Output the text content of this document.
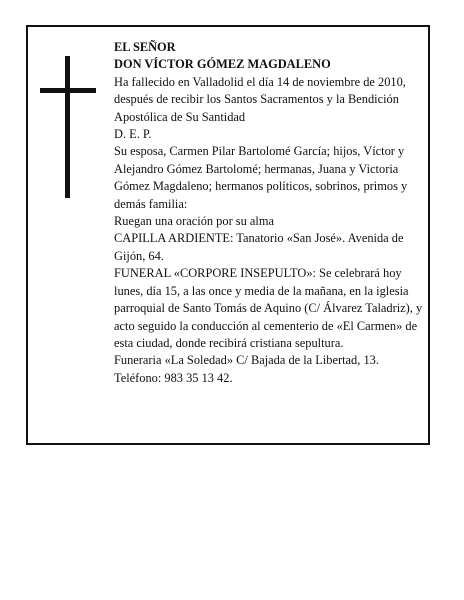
EL SEÑOR

DON VÍCTOR GÓMEZ MAGDALENO

Ha fallecido en Valladolid el día 14 de noviembre de 2010, después de recibir los Santos Sacramentos y la Bendición Apostólica de Su Santidad

D. E. P.

Su esposa, Carmen Pilar Bartolomé García; hijos, Víctor y Alejandro Gómez Bartolomé; hermanas, Juana y Victoria Gómez Magdaleno; hermanos políticos, sobrinos, primos y demás familia:

Ruegan una oración por su alma

CAPILLA ARDIENTE: Tanatorio «San José». Avenida de Gijón, 64.

FUNERAL «CORPORE INSEPULTO»: Se celebrará hoy lunes, día 15, a las once y media de la mañana, en la iglesia parroquial de Santo Tomás de Aquino (C/ Álvarez Taladriz), y acto seguido la conducción al cementerio de «El Carmen» de esta ciudad, donde recibirá cristiana sepultura.

Funeraria «La Soledad» C/ Bajada de la Libertad, 13. Teléfono: 983 35 13 42.
